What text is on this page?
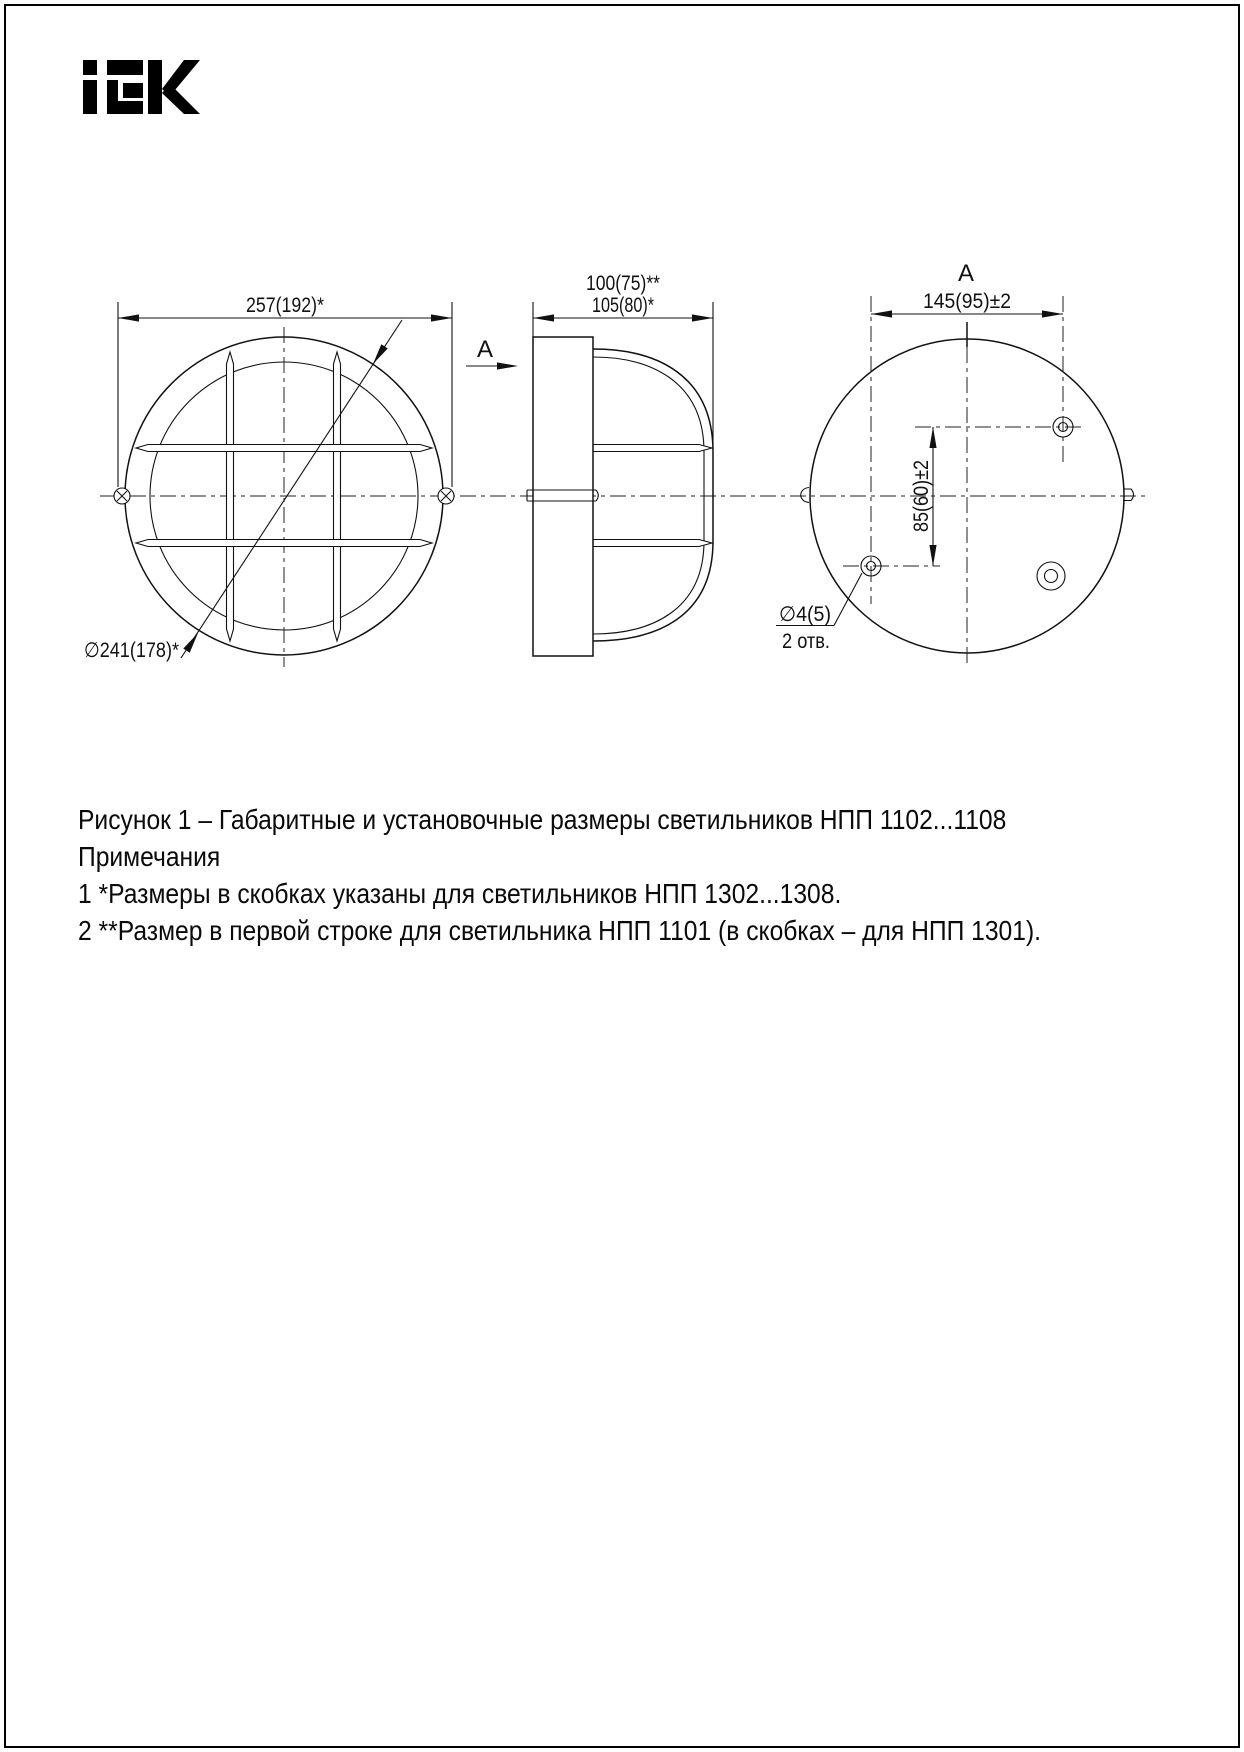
257(192)*
∅241(178)*
100(75)**
105(80)*
A
A
145(95)±2
85(60)±2
∅4(5)
2 отв.
Рисунок 1 – Габаритные и установочные размеры светильников НПП 1102...1108
Примечания
1 *Размеры в скобках указаны для светильников НПП 1302...1308.
2 **Размер в первой строке для светильника НПП 1101 (в скобках – для НПП 1301).
